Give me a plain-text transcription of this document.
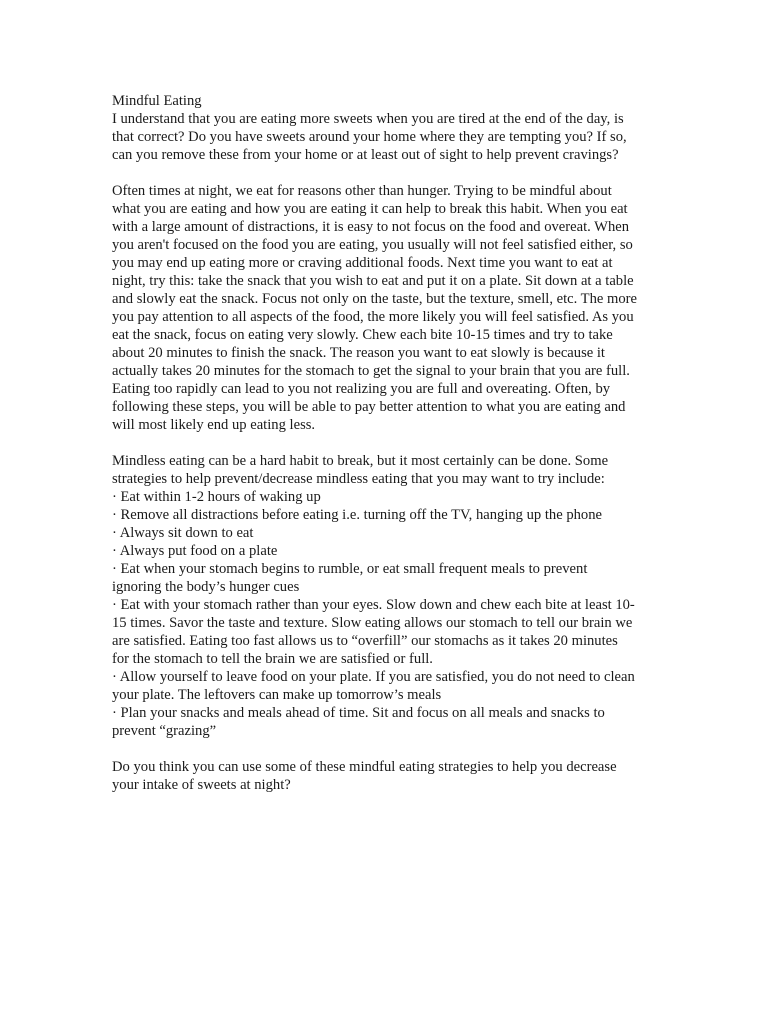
Mindful Eating
I understand that you are eating more sweets when you are tired at the end of the day, is
that correct? Do you have sweets around your home where they are tempting you? If so,
can you remove these from your home or at least out of sight to help prevent cravings?
Often times at night, we eat for reasons other than hunger. Trying to be mindful about
what you are eating and how you are eating it can help to break this habit. When you eat
with a large amount of distractions, it is easy to not focus on the food and overeat. When
you aren't focused on the food you are eating, you usually will not feel satisfied either, so
you may end up eating more or craving additional foods. Next time you want to eat at
night, try this: take the snack that you wish to eat and put it on a plate. Sit down at a table
and slowly eat the snack. Focus not only on the taste, but the texture, smell, etc. The more
you pay attention to all aspects of the food, the more likely you will feel satisfied. As you
eat the snack, focus on eating very slowly. Chew each bite 10-15 times and try to take
about 20 minutes to finish the snack. The reason you want to eat slowly is because it
actually takes 20 minutes for the stomach to get the signal to your brain that you are full.
Eating too rapidly can lead to you not realizing you are full and overeating. Often, by
following these steps, you will be able to pay better attention to what you are eating and
will most likely end up eating less.
Mindless eating can be a hard habit to break, but it most certainly can be done. Some
strategies to help prevent/decrease mindless eating that you may want to try include:
· Eat within 1-2 hours of waking up
· Remove all distractions before eating i.e. turning off the TV, hanging up the phone
· Always sit down to eat
· Always put food on a plate
· Eat when your stomach begins to rumble, or eat small frequent meals to prevent
ignoring the body’s hunger cues
· Eat with your stomach rather than your eyes. Slow down and chew each bite at least 10-
15 times. Savor the taste and texture. Slow eating allows our stomach to tell our brain we
are satisfied. Eating too fast allows us to “overfill” our stomachs as it takes 20 minutes
for the stomach to tell the brain we are satisfied or full.
· Allow yourself to leave food on your plate. If you are satisfied, you do not need to clean
your plate. The leftovers can make up tomorrow’s meals
· Plan your snacks and meals ahead of time. Sit and focus on all meals and snacks to
prevent “grazing”
Do you think you can use some of these mindful eating strategies to help you decrease
your intake of sweets at night?
